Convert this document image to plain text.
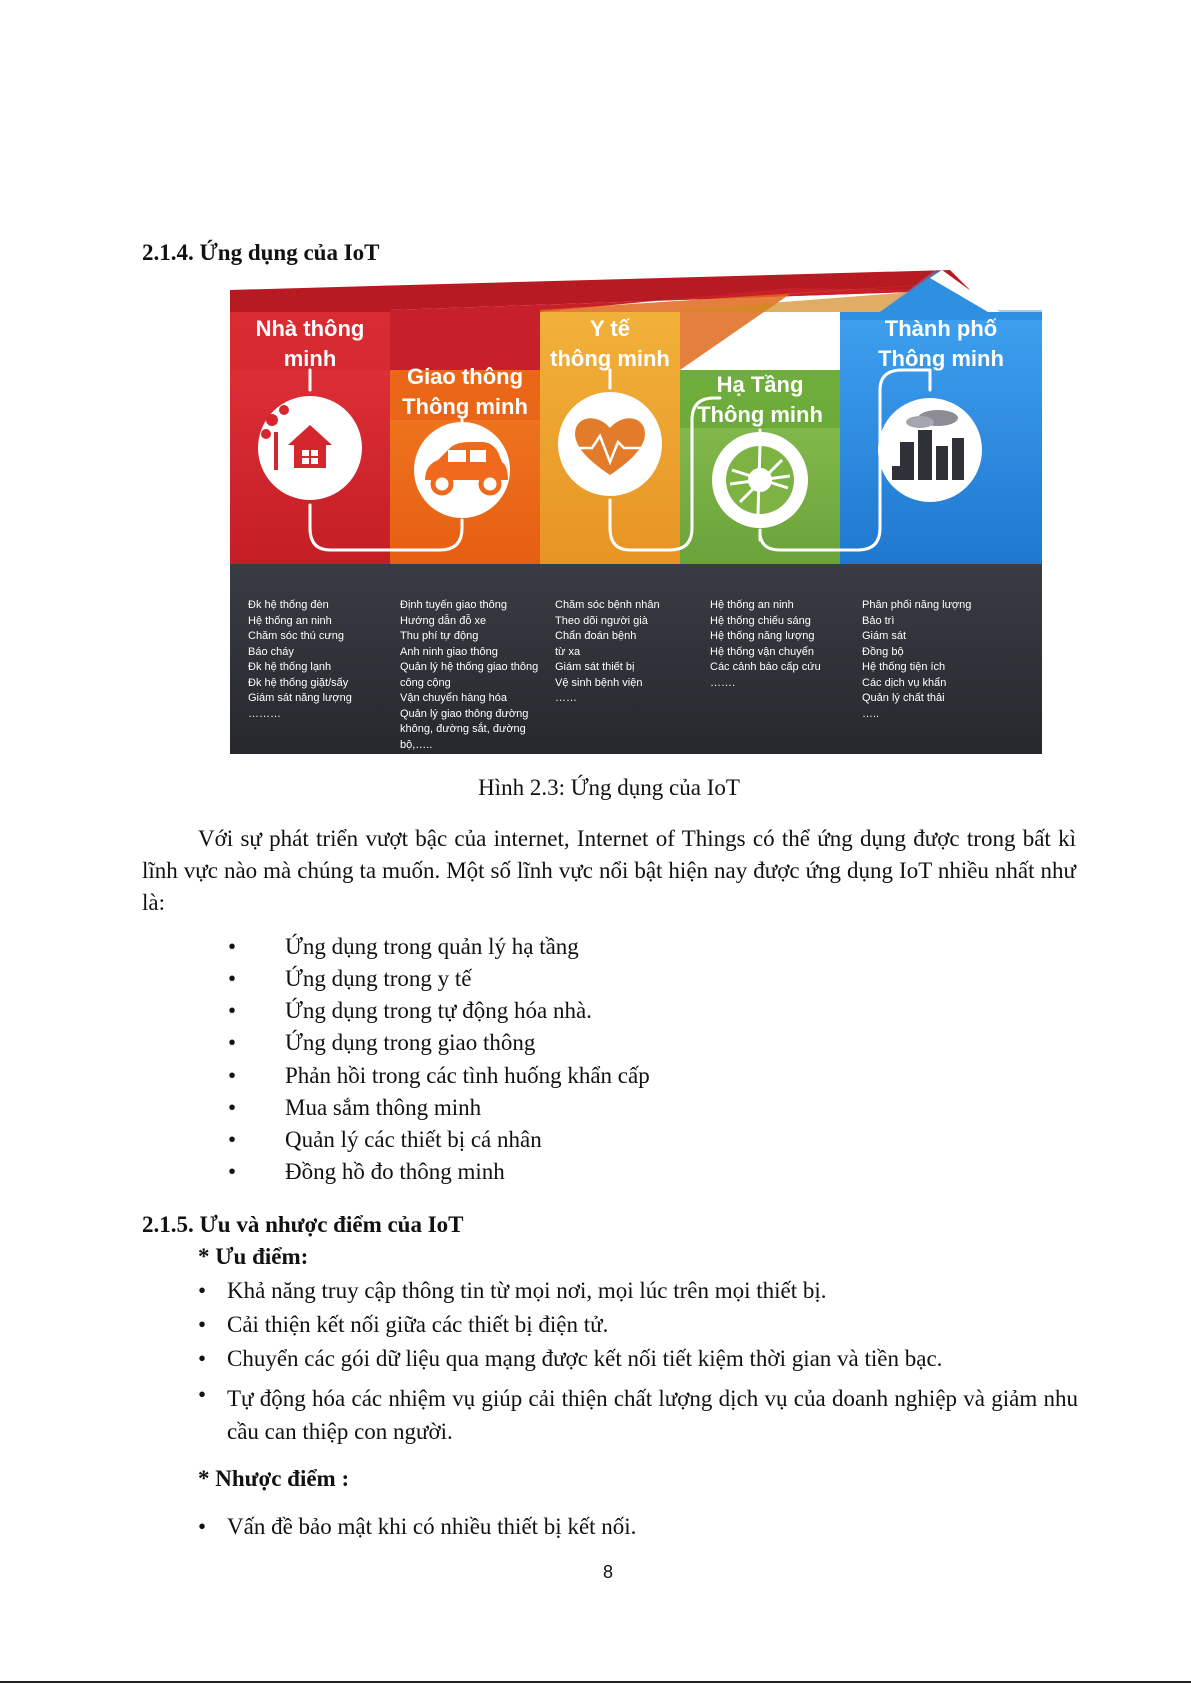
2.1.4. Ứng dụng của IoT
Nhà thông
minh
Giao thông
Thông minh
Y tế
thông minh
Hạ Tầng
Thông minh
Thành phố
Thông minh
Đk hệ thống đèn
Hệ thống an ninh
Chăm sóc thú cưng
Báo cháy
Đk hệ thống lạnh
Đk hệ thống giặt/sấy
Giám sát năng lượng
………
Định tuyến giao thông
Hướng dẫn đỗ xe
Thu phí tự động
Anh ninh giao thông
Quản lý hệ thống giao thông
công cộng
Vận chuyển hàng hóa
Quản lý giao thông đường
không, đường sắt, đường
bộ,…..
Chăm sóc bệnh nhân
Theo dõi người già
Chẩn đoán bệnh
từ xa
Giám sát thiết bị
Vệ sinh bệnh viện
……
Hệ thống an ninh
Hệ thống chiếu sáng
Hệ thống năng lượng
Hệ thống vận chuyển
Các cảnh báo cấp cứu
…….
Phân phối năng lượng
Bảo trì
Giám sát
Đồng bộ
Hệ thống tiện ích
Các dịch vụ khẩn
Quản lý chất thải
…..
Hình 2.3: Ứng dụng của IoT
Với sự phát triển vượt bậc của internet, Internet of Things có thể ứng dụng được trong bất kì lĩnh vực nào mà chúng ta muốn. Một số lĩnh vực nổi bật hiện nay được ứng dụng IoT nhiều nhất như là:
• Ứng dụng trong quản lý hạ tầng
• Ứng dụng trong y tế
• Ứng dụng trong tự động hóa nhà.
• Ứng dụng trong giao thông
• Phản hồi trong các tình huống khẩn cấp
• Mua sắm thông minh
• Quản lý các thiết bị cá nhân
• Đồng hồ đo thông minh
2.1.5. Ưu và nhược điểm của IoT
* Ưu điểm:
• Khả năng truy cập thông tin từ mọi nơi, mọi lúc trên mọi thiết bị.
• Cải thiện kết nối giữa các thiết bị điện tử.
• Chuyển các gói dữ liệu qua mạng được kết nối tiết kiệm thời gian và tiền bạc.
• Tự động hóa các nhiệm vụ giúp cải thiện chất lượng dịch vụ của doanh nghiệp và giảm nhu cầu can thiệp con người.
* Nhược điểm :
• Vấn đề bảo mật khi có nhiều thiết bị kết nối.
8
